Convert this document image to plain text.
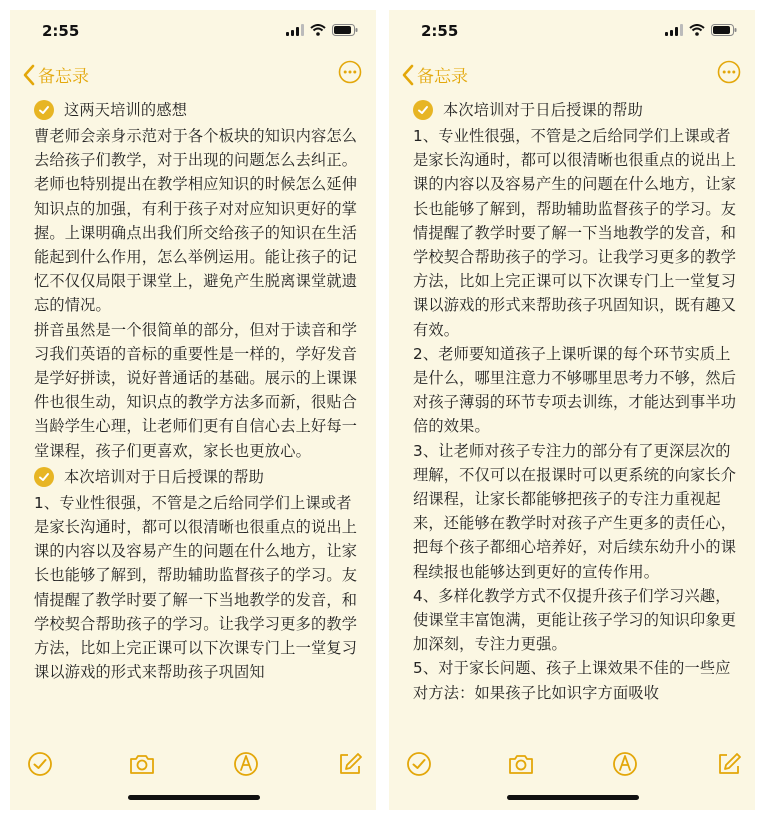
2:55
备忘录
这两天培训的感想

曹老师会亲身示范对于各个板块的知识内容怎么去给孩子们教学，对于出现的问题怎么去纠正。老师也特别提出在教学相应知识的时候怎么延伸知识点的加强，有利于孩子对对应知识更好的掌握。上课明确点出我们所交给孩子的知识在生活能起到什么作用，怎么举例运用。能让孩子的记忆不仅仅局限于课堂上，避免产生脱离课堂就遗忘的情况。

拼音虽然是一个很简单的部分，但对于读音和学习我们英语的音标的重要性是一样的，学好发音是学好拼读，说好普通话的基础。展示的上课课件也很生动，知识点的教学方法多而新，很贴合当龄学生心理，让老师们更有自信心去上好每一堂课程，孩子们更喜欢，家长也更放心。

本次培训对于日后授课的帮助

1、专业性很强，不管是之后给同学们上课或者是家长沟通时，都可以很清晰也很重点的说出上课的内容以及容易产生的问题在什么地方，让家长也能够了解到，帮助辅助监督孩子的学习。友情提醒了教学时要了解一下当地教学的发音，和学校契合帮助孩子的学习。让我学习更多的教学方法，比如上完正课可以下次课专门上一堂复习课以游戏的形式来帮助孩子巩固知

2:55
备忘录
本次培训对于日后授课的帮助

1、专业性很强，不管是之后给同学们上课或者是家长沟通时，都可以很清晰也很重点的说出上课的内容以及容易产生的问题在什么地方，让家长也能够了解到，帮助辅助监督孩子的学习。友情提醒了教学时要了解一下当地教学的发音，和学校契合帮助孩子的学习。让我学习更多的教学方法，比如上完正课可以下次课专门上一堂复习课以游戏的形式来帮助孩子巩固知识，既有趣又有效。

2、老师要知道孩子上课听课的每个环节实质上是什么，哪里注意力不够哪里思考力不够，然后对孩子薄弱的环节专项去训练，才能达到事半功倍的效果。

3、让老师对孩子专注力的部分有了更深层次的理解，不仅可以在报课时可以更系统的向家长介绍课程，让家长都能够把孩子的专注力重视起来，还能够在教学时对孩子产生更多的责任心，把每个孩子都细心培养好，对后续东幼升小的课程续报也能够达到更好的宣传作用。

4、多样化教学方式不仅提升孩子们学习兴趣，使课堂丰富饱满，更能让孩子学习的知识印象更加深刻，专注力更强。

5、对于家长问题、孩子上课效果不佳的一些应对方法：如果孩子比如识字方面吸收
